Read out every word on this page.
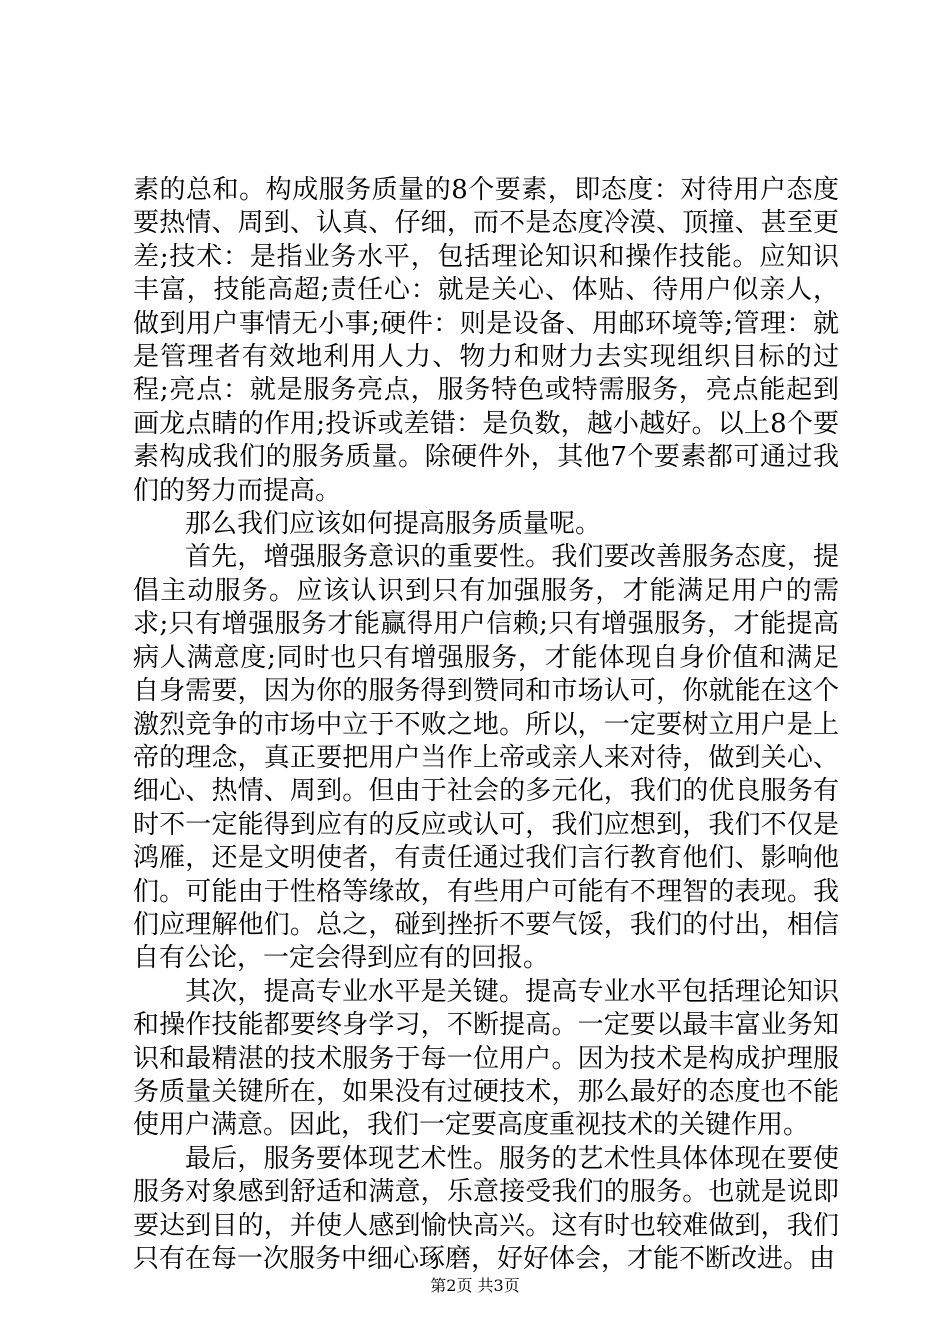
素的总和。构成服务质量的8个要素，即态度：对待用户态度要热情、周到、认真、仔细，而不是态度冷漠、顶撞、甚至更差;技术：是指业务水平，包括理论知识和操作技能。应知识丰富，技能高超;责任心：就是关心、体贴、待用户似亲人，做到用户事情无小事;硬件：则是设备、用邮环境等;管理：就是管理者有效地利用人力、物力和财力去实现组织目标的过程;亮点：就是服务亮点，服务特色或特需服务，亮点能起到画龙点睛的作用;投诉或差错：是负数，越小越好。以上8个要素构成我们的服务质量。除硬件外，其他7个要素都可通过我们的努力而提高。

那么我们应该如何提高服务质量呢。

首先，增强服务意识的重要性。我们要改善服务态度，提倡主动服务。应该认识到只有加强服务，才能满足用户的需求;只有增强服务才能赢得用户信赖;只有增强服务，才能提高病人满意度;同时也只有增强服务，才能体现自身价值和满足自身需要，因为你的服务得到赞同和市场认可，你就能在这个激烈竞争的市场中立于不败之地。所以，一定要树立用户是上帝的理念，真正要把用户当作上帝或亲人来对待，做到关心、细心、热情、周到。但由于社会的多元化，我们的优良服务有时不一定能得到应有的反应或认可，我们应想到，我们不仅是鸿雁，还是文明使者，有责任通过我们言行教育他们、影响他们。可能由于性格等缘故，有些用户可能有不理智的表现。我们应理解他们。总之，碰到挫折不要气馁，我们的付出，相信自有公论，一定会得到应有的回报。

其次，提高专业水平是关键。提高专业水平包括理论知识和操作技能都要终身学习，不断提高。一定要以最丰富业务知识和最精湛的技术服务于每一位用户。因为技术是构成护理服务质量关键所在，如果没有过硬技术，那么最好的态度也不能使用户满意。因此，我们一定要高度重视技术的关键作用。

最后，服务要体现艺术性。服务的艺术性具体体现在要使服务对象感到舒适和满意，乐意接受我们的服务。也就是说即要达到目的，并使人感到愉快高兴。这有时也较难做到，我们只有在每一次服务中细心琢磨，好好体会，才能不断改进。由

第2页 共3页
